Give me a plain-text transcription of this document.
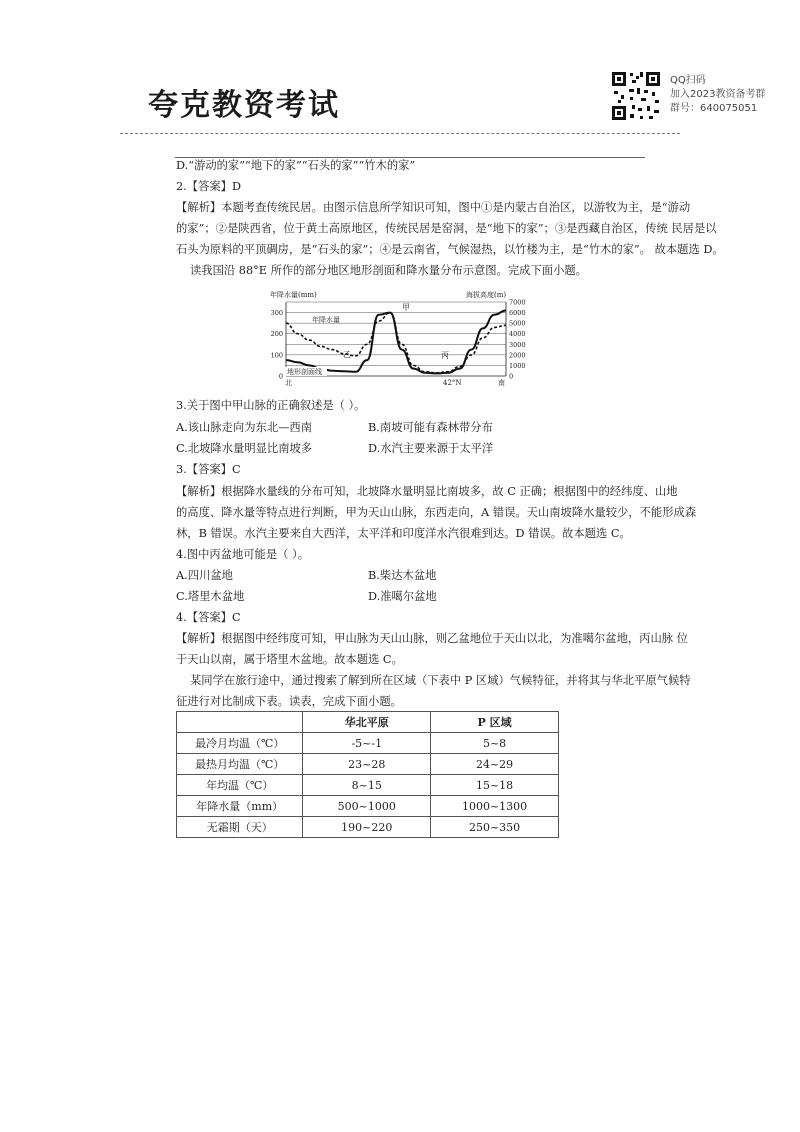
夸克教资考试
QQ扫码
加入2023教资备考群
群号：640075051
D.“游动的家”“地下的家”“石头的家”“竹木的家”
2.【答案】D
【解析】本题考查传统民居。由图示信息所学知识可知，图中①是内蒙古自治区，以游牧为主，是“游动
的家”；②是陕西省，位于黄土高原地区，传统民居是窑洞，是“地下的家”；③是西藏自治区，传统 民居是以
石头为原料的平顶碉房，是“石头的家”；④是云南省，气候湿热，以竹楼为主，是“竹木的家”。 故本题选 D。
读我国沿 88°E 所作的部分地区地形剖面和降水量分布示意图。完成下面小题。
年降水量(mm)	海拔高度(m)
300
200
100
0
7000
6000
5000
4000
3000
2000
1000
0
年降水量
地形剖面线
甲
乙	丙
北	42°N	南
3.关于图中甲山脉的正确叙述是（ ）。
A.该山脉走向为东北—西南	B.南坡可能有森林带分布
C.北坡降水量明显比南坡多	D.水汽主要来源于太平洋
3.【答案】C
【解析】根据降水量线的分布可知，北坡降水量明显比南坡多，故 C 正确；根据图中的经纬度、山地
的高度、降水量等特点进行判断，甲为天山山脉，东西走向，A 错误。天山南坡降水量较少，不能形成森
林，B 错误。水汽主要来自大西洋，太平洋和印度洋水汽很难到达。D 错误。故本题选 C。
4.图中丙盆地可能是（ ）。
A.四川盆地	B.柴达木盆地
C.塔里木盆地	D.准噶尔盆地
4.【答案】C
【解析】根据图中经纬度可知，甲山脉为天山山脉，则乙盆地位于天山以北，为准噶尔盆地，丙山脉 位
于天山以南，属于塔里木盆地。故本题选 C。
某同学在旅行途中，通过搜索了解到所在区域（下表中 P 区域）气候特征，并将其与华北平原气候特
征进行对比制成下表。读表，完成下面小题。
	华北平原	P 区域
最冷月均温（℃）	-5~-1	5~8
最热月均温（℃）	23~28	24~29
年均温（℃）	8~15	15~18
年降水量（mm）	500~1000	1000~1300
无霜期（天）	190~220	250~350
